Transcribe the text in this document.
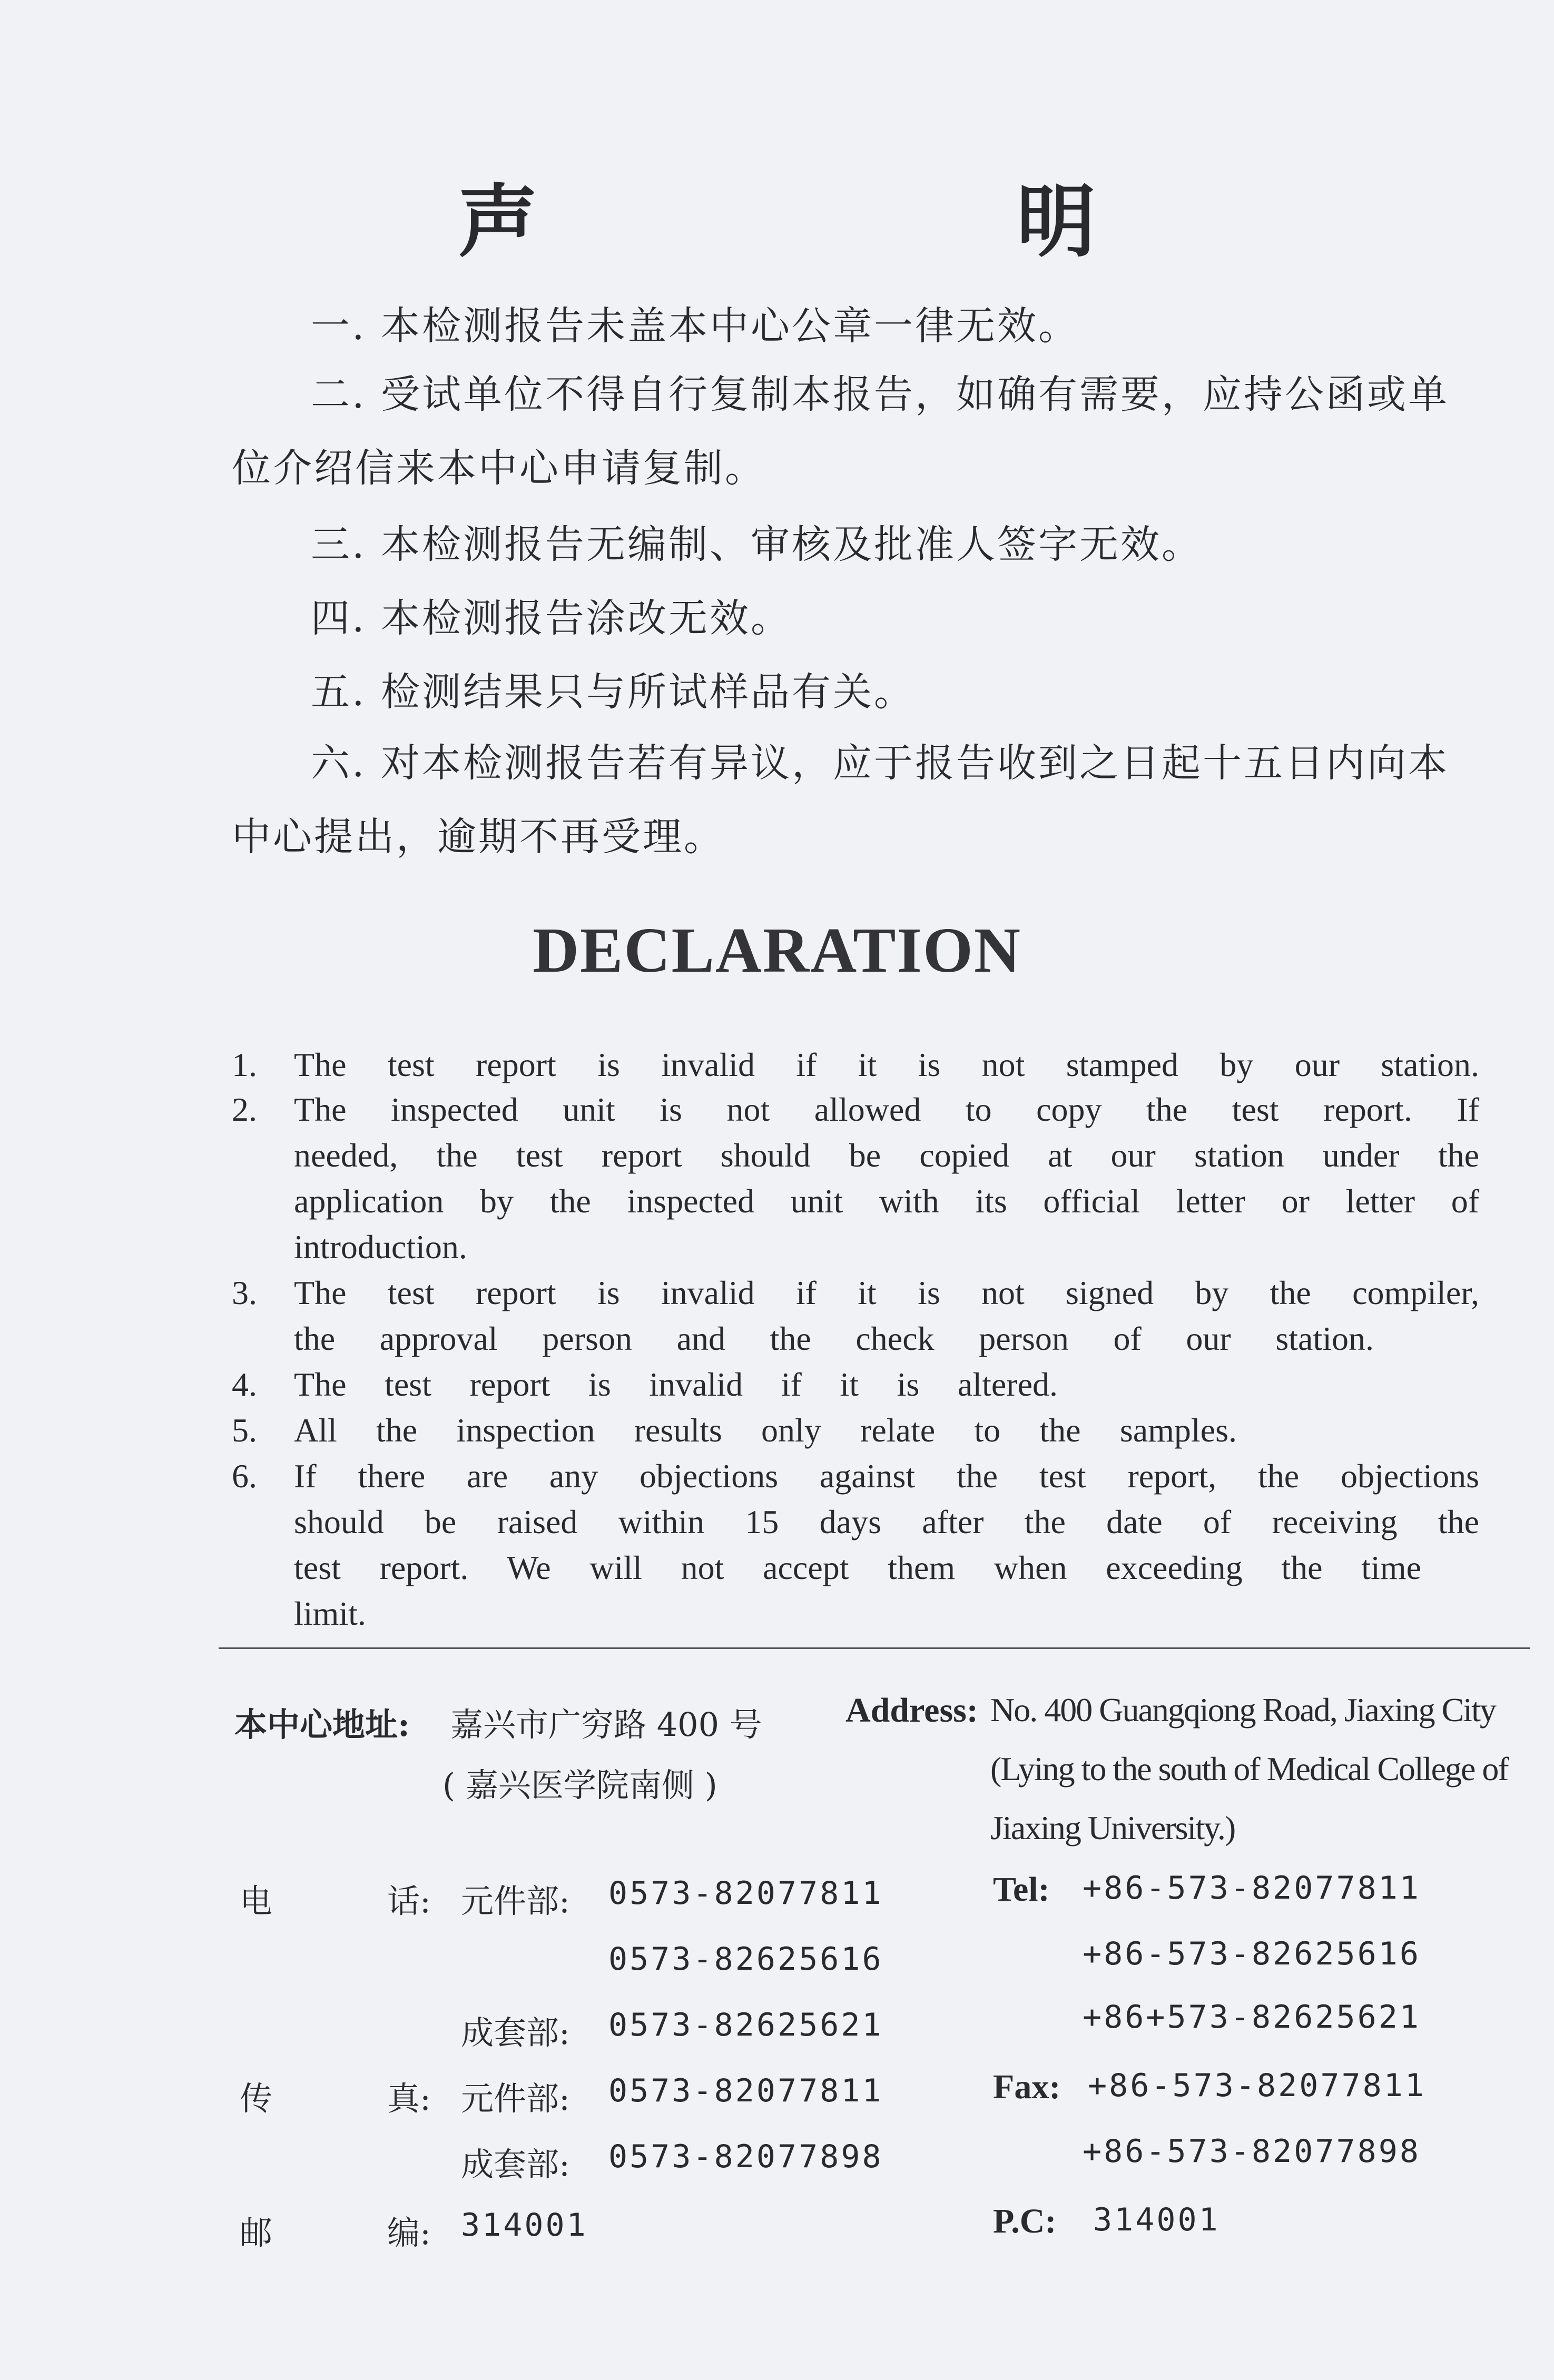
声　明
一. 本检测报告未盖本中心公章一律无效。
二. 受试单位不得自行复制本报告，如确有需要，应持公函或单
位介绍信来本中心申请复制。
三. 本检测报告无编制、审核及批准人签字无效。
四. 本检测报告涂改无效。
五. 检测结果只与所试样品有关。
六. 对本检测报告若有异议，应于报告收到之日起十五日内向本
中心提出，逾期不再受理。
DECLARATION
1. The test report is invalid if it is not stamped by our station.
2. The inspected unit is not allowed to copy the test report. If
needed, the test report should be copied at our station under the
application by the inspected unit with its official letter or letter of
introduction.
3. The test report is invalid if it is not signed by the compiler,
the approval person and the check person of our station.
4. The test report is invalid if it is altered.
5. All the inspection results only relate to the samples.
6. If there are any objections against the test report, the objections
should be raised within 15 days after the date of receiving the
test report. We will not accept them when exceeding the time
limit.
本中心地址: 嘉兴市广穷路 400 号
( 嘉兴医学院南侧 )
电	话: 元件部: 0573-82077811
0573-82625616
成套部: 0573-82625621
传	真: 元件部: 0573-82077811
成套部: 0573-82077898
邮	编: 314001
Address: No. 400 Guangqiong Road, Jiaxing City
(Lying to the south of Medical College of
Jiaxing University.)
Tel: +86-573-82077811
+86-573-82625616
+86+573-82625621
Fax: +86-573-82077811
+86-573-82077898
P.C: 314001
